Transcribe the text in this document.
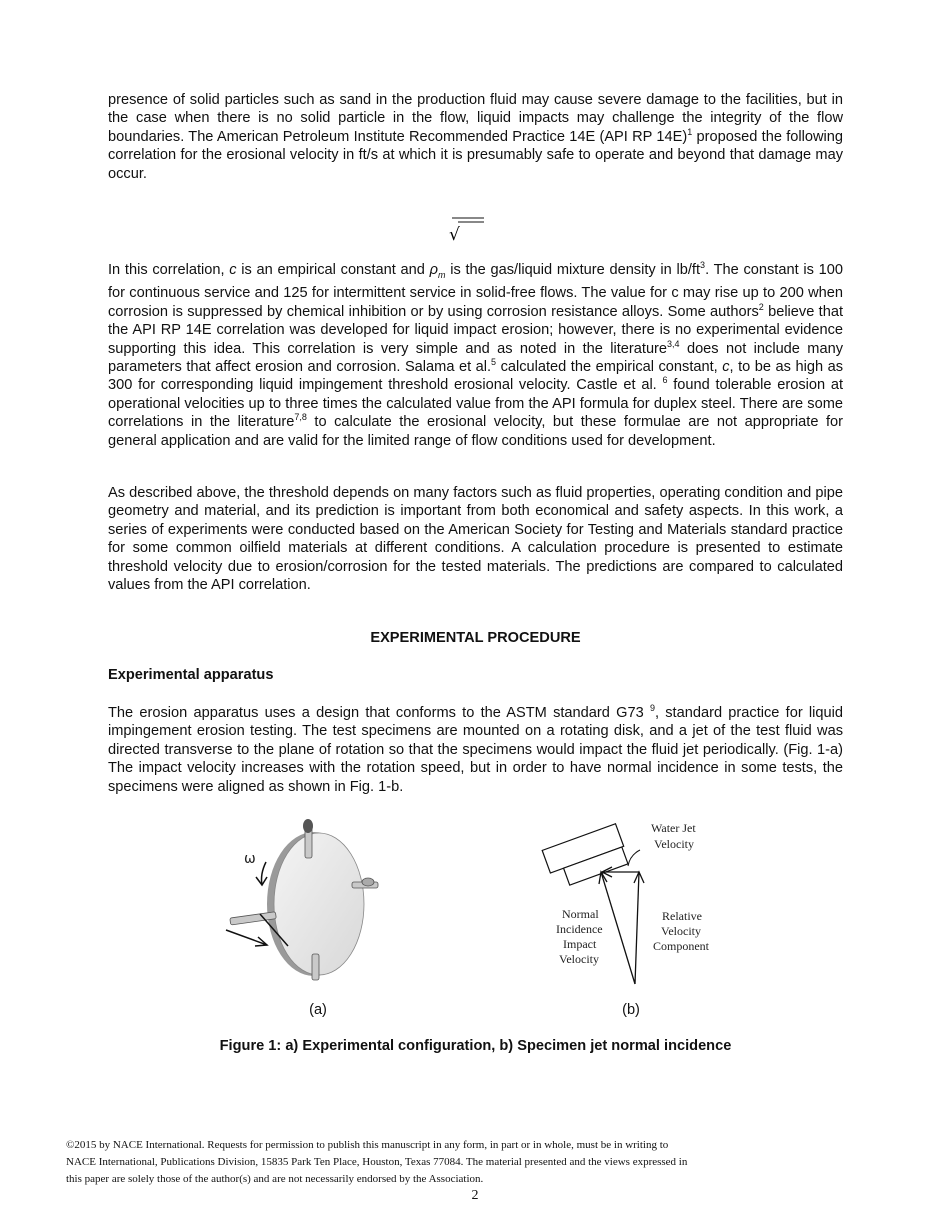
presence of solid particles such as sand in the production fluid may cause severe damage to the facilities, but in the case when there is no solid particle in the flow, liquid impacts may challenge the integrity of the flow boundaries. The American Petroleum Institute Recommended Practice 14E (API RP 14E)$^1$ proposed the following correlation for the erosional velocity in ft/s at which it is presumably safe to operate and beyond that damage may occur.

√

In this correlation, c is an empirical constant and $\rho_m$ is the gas/liquid mixture density in $lb/ft^3$. The constant is 100 for continuous service and 125 for intermittent service in solid-free flows. The value for c may rise up to 200 when corrosion is suppressed by chemical inhibition or by using corrosion resistance alloys. Some authors$^2$ believe that the API RP 14E correlation was developed for liquid impact erosion; however, there is no experimental evidence supporting this idea. This correlation is very simple and as noted in the literature$^{3,4}$ does not include many parameters that affect erosion and corrosion. Salama et al.$^5$ calculated the empirical constant, c, to be as high as 300 for corresponding liquid impingement threshold erosional velocity. Castle et al. $^6$ found tolerable erosion at operational velocities up to three times the calculated value from the API formula for duplex steel. There are some correlations in the literature$^{7,8}$ to calculate the erosional velocity, but these formulae are not appropriate for general application and are valid for the limited range of flow conditions used for development.

As described above, the threshold depends on many factors such as fluid properties, operating condition and pipe geometry and material, and its prediction is important from both economical and safety aspects. In this work, a series of experiments were conducted based on the American Society for Testing and Materials standard practice for some common oilfield materials at different conditions. A calculation procedure is presented to estimate threshold velocity due to erosion/corrosion for the tested materials. The predictions are compared to calculated values from the API correlation.

EXPERIMENTAL PROCEDURE

Experimental apparatus

The erosion apparatus uses a design that conforms to the ASTM standard G73 $^9$, standard practice for liquid impingement erosion testing. The test specimens are mounted on a rotating disk, and a jet of the test fluid was directed transverse to the plane of rotation so that the specimens would impact the fluid jet periodically. (Fig. 1-a) The impact velocity increases with the rotation speed, but in order to have normal incidence in some tests, the specimens were aligned as shown in Fig. 1-b.

ω
(a)
Water Jet
Velocity
Normal
Incidence
Impact
Velocity
Relative
Velocity
Component
(b)
Figure 1: a) Experimental configuration, b) Specimen jet normal incidence
©2015 by NACE International. Requests for permission to publish this manuscript in any form, in part or in whole, must be in writing to
NACE International, Publications Division, 15835 Park Ten Place, Houston, Texas 77084. The material presented and the views expressed in
this paper are solely those of the author(s) and are not necessarily endorsed by the Association.
2
